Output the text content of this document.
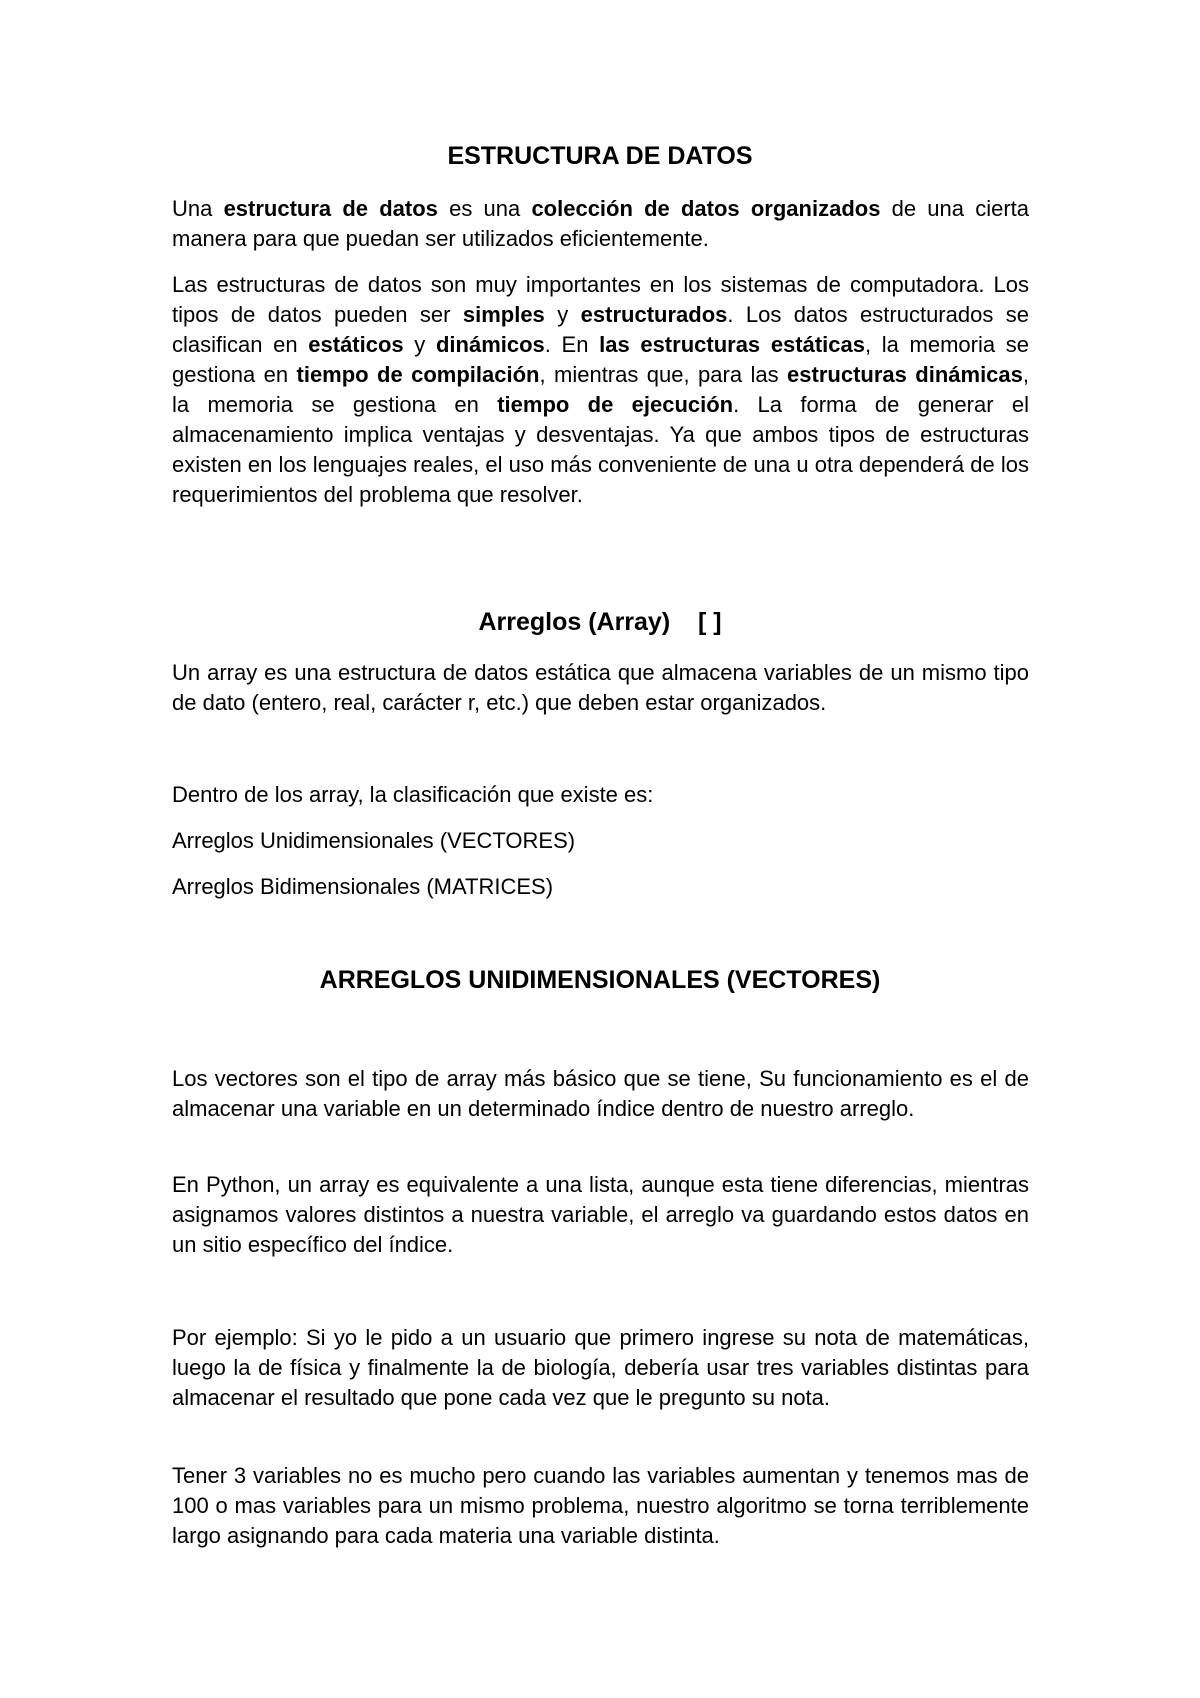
ESTRUCTURA DE DATOS

Una estructura de datos es una colección de datos organizados de una cierta manera para que puedan ser utilizados eficientemente.

Las estructuras de datos son muy importantes en los sistemas de computadora. Los tipos de datos pueden ser simples y estructurados. Los datos estructurados se clasifican en estáticos y dinámicos. En las estructuras estáticas, la memoria se gestiona en tiempo de compilación, mientras que, para las estructuras dinámicas, la memoria se gestiona en tiempo de ejecución. La forma de generar el almacenamiento implica ventajas y desventajas. Ya que ambos tipos de estructuras existen en los lenguajes reales, el uso más conveniente de una u otra dependerá de los requerimientos del problema que resolver.

Arreglos (Array)    [ ]

Un array es una estructura de datos estática que almacena variables de un mismo tipo de dato (entero, real, carácter r, etc.) que deben estar organizados.

Dentro de los array, la clasificación que existe es:

Arreglos Unidimensionales (VECTORES)

Arreglos Bidimensionales (MATRICES)

ARREGLOS UNIDIMENSIONALES (VECTORES)

Los vectores son el tipo de array más básico que se tiene, Su funcionamiento es el de almacenar una variable en un determinado índice dentro de nuestro arreglo.

En Python, un array es equivalente a una lista, aunque esta tiene diferencias, mientras asignamos valores distintos a nuestra variable, el arreglo va guardando estos datos en un sitio específico del índice.

Por ejemplo: Si yo le pido a un usuario que primero ingrese su nota de matemáticas, luego la de física y finalmente la de biología, debería usar tres variables distintas para almacenar el resultado que pone cada vez que le pregunto su nota.

Tener 3 variables no es mucho pero cuando las variables aumentan y tenemos mas de 100 o mas variables para un mismo problema, nuestro algoritmo se torna terriblemente largo asignando para cada materia una variable distinta.
